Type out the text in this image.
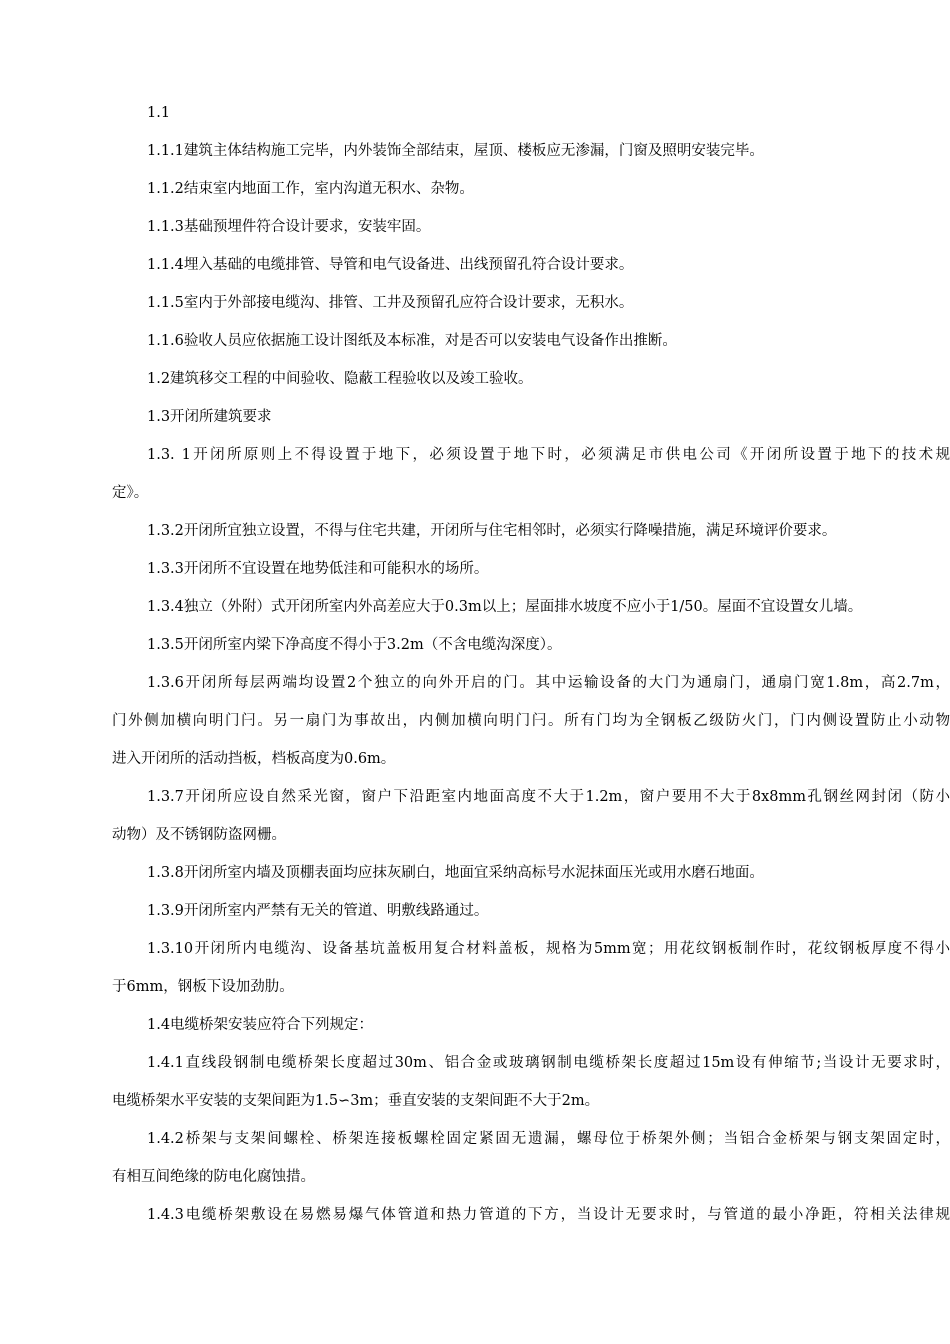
1.1
1.1.1建筑主体结构施工完毕，内外装饰全部结束，屋顶、楼板应无渗漏，门窗及照明安装完毕。
1.1.2结束室内地面工作，室内沟道无积水、杂物。
1.1.3基础预埋件符合设计要求，安装牢固。
1.1.4埋入基础的电缆排管、导管和电气设备进、出线预留孔符合设计要求。
1.1.5室内于外部接电缆沟、排管、工井及预留孔应符合设计要求，无积水。
1.1.6验收人员应依据施工设计图纸及本标准，对是否可以安装电气设备作出推断。
1.2建筑移交工程的中间验收、隐蔽工程验收以及竣工验收。
1.3开闭所建筑要求
1.3. 1开闭所原则上不得设置于地下，必须设置于地下时，必须满足市供电公司《开闭所设置于地下的技术规
定》。
1.3.2开闭所宜独立设置，不得与住宅共建，开闭所与住宅相邻时，必须实行降噪措施，满足环境评价要求。
1.3.3开闭所不宜设置在地势低洼和可能积水的场所。
1.3.4独立（外附）式开闭所室内外高差应大于0.3m以上；屋面排水坡度不应小于1/50。屋面不宜设置女儿墙。
1.3.5开闭所室内梁下净高度不得小于3.2m（不含电缆沟深度）。
1.3.6开闭所每层两端均设置2个独立的向外开启的门。其中运输设备的大门为通扇门，通扇门宽1.8m，高2.7m，
门外侧加横向明门闩。另一扇门为事故出，内侧加横向明门闩。所有门均为全钢板乙级防火门，门内侧设置防止小动物
进入开闭所的活动挡板，档板高度为0.6m。
1.3.7开闭所应设自然采光窗，窗户下沿距室内地面高度不大于1.2m，窗户要用不大于8x8mm孔钢丝网封闭（防小
动物）及不锈钢防盗网栅。
1.3.8开闭所室内墙及顶棚表面均应抹灰刷白，地面宜采纳高标号水泥抹面压光或用水磨石地面。
1.3.9开闭所室内严禁有无关的管道、明敷线路通过。
1.3.10开闭所内电缆沟、设备基坑盖板用复合材料盖板，规格为5mm宽；用花纹钢板制作时，花纹钢板厚度不得小
于6mm，钢板下设加劲肋。
1.4电缆桥架安装应符合下列规定：
1.4.1直线段钢制电缆桥架长度超过30m、铝合金或玻璃钢制电缆桥架长度超过15m设有伸缩节;当设计无要求时，
电缆桥架水平安装的支架间距为1.5∽3m；垂直安装的支架间距不大于2m。
1.4.2桥架与支架间螺栓、桥架连接板螺栓固定紧固无遗漏，螺母位于桥架外侧；当铝合金桥架与钢支架固定时，
有相互间绝缘的防电化腐蚀措。
1.4.3电缆桥架敷设在易燃易爆气体管道和热力管道的下方，当设计无要求时，与管道的最小净距，符相关法律规
